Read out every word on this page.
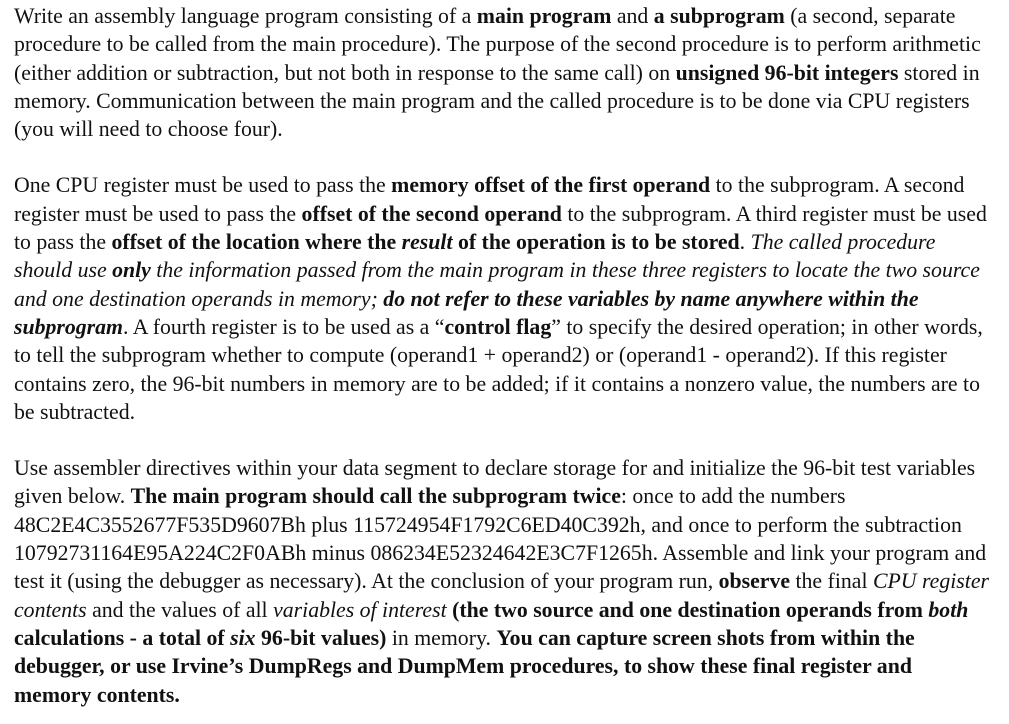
Write an assembly language program consisting of a main program and a subprogram (a second, separate procedure to be called from the main procedure). The purpose of the second procedure is to perform arithmetic (either addition or subtraction, but not both in response to the same call) on unsigned 96-bit integers stored in memory. Communication between the main program and the called procedure is to be done via CPU registers (you will need to choose four).

One CPU register must be used to pass the memory offset of the first operand to the subprogram. A second register must be used to pass the offset of the second operand to the subprogram. A third register must be used to pass the offset of the location where the result of the operation is to be stored. The called procedure should use only the information passed from the main program in these three registers to locate the two source and one destination operands in memory; do not refer to these variables by name anywhere within the subprogram. A fourth register is to be used as a “control flag” to specify the desired operation; in other words, to tell the subprogram whether to compute (operand1 + operand2) or (operand1 - operand2). If this register contains zero, the 96-bit numbers in memory are to be added; if it contains a nonzero value, the numbers are to be subtracted.

Use assembler directives within your data segment to declare storage for and initialize the 96-bit test variables given below. The main program should call the subprogram twice: once to add the numbers 48C2E4C3552677F535D9607Bh plus 115724954F1792C6ED40C392h, and once to perform the subtraction 10792731164E95A224C2F0ABh minus 086234E52324642E3C7F1265h. Assemble and link your program and test it (using the debugger as necessary). At the conclusion of your program run, observe the final CPU register contents and the values of all variables of interest (the two source and one destination operands from both calculations - a total of six 96-bit values) in memory. You can capture screen shots from within the debugger, or use Irvine’s DumpRegs and DumpMem procedures, to show these final register and memory contents.
